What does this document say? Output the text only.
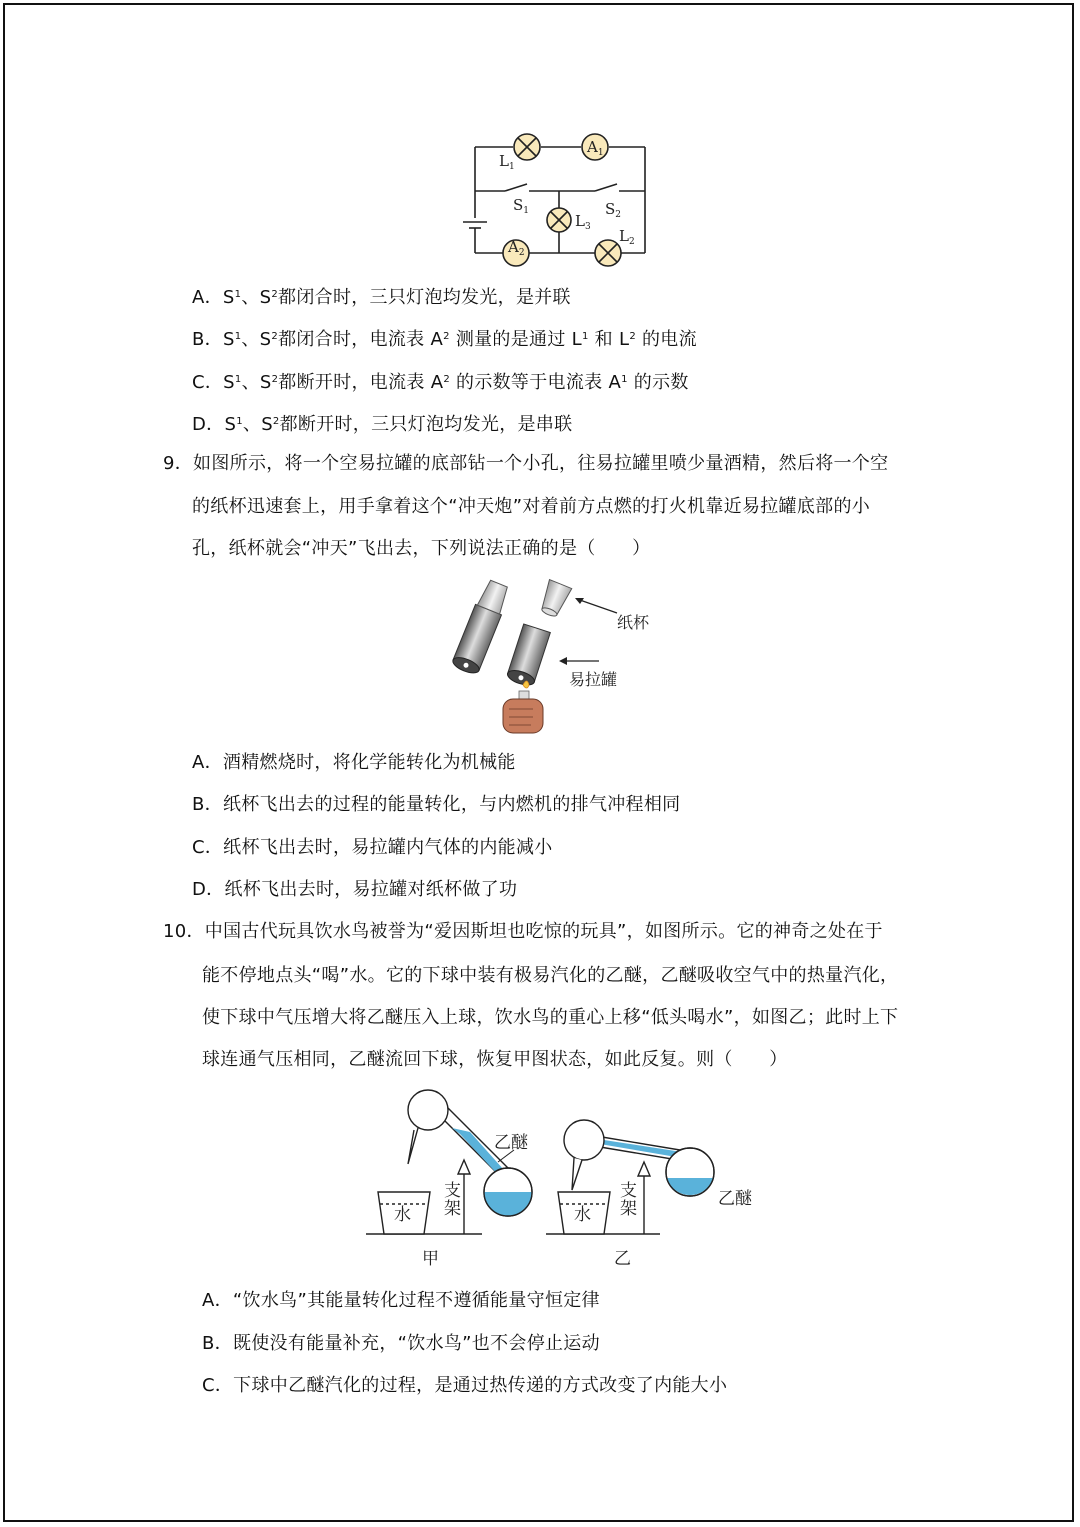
$A_1$
$A_2$
$L_1$
$S_1$	$S_2$
$L_3$ $L_2$
A．$S^1$、$S^2$都闭合时，三只灯泡均发光，是并联
B．$S^1$、$S^2$都闭合时，电流表 $A^2$ 测量的是通过 $L^1$ 和 $L^2$ 的电流
C．$S^1$、$S^2$都断开时，电流表 $A^2$ 的示数等于电流表 $A^1$ 的示数
D．$S^1$、$S^2$都断开时，三只灯泡均发光，是串联
9．如图所示，将一个空易拉罐的底部钻一个小孔，往易拉罐里喷少量酒精，然后将一个空
的纸杯迅速套上，用手拿着这个“冲天炮”对着前方点燃的打火机靠近易拉罐底部的小
孔，纸杯就会“冲天”飞出去，下列说法正确的是（　　）
纸杯
易拉罐
A．酒精燃烧时，将化学能转化为机械能
B．纸杯飞出去的过程的能量转化，与内燃机的排气冲程相同
C．纸杯飞出去时，易拉罐内气体的内能减小
D．纸杯飞出去时，易拉罐对纸杯做了功
10．中国古代玩具饮水鸟被誉为“爱因斯坦也吃惊的玩具”，如图所示。它的神奇之处在于
能不停地点头“喝”水。它的下球中装有极易汽化的乙醚，乙醚吸收空气中的热量汽化，
使下球中气压增大将乙醚压入上球，饮水鸟的重心上移“低头喝水”，如图乙；此时上下
球连通气压相同，乙醚流回下球，恢复甲图状态，如此反复。则（　　）
乙醚
支
架
水
甲
乙醚
支
架
水
乙
A．“饮水鸟”其能量转化过程不遵循能量守恒定律
B．既使没有能量补充，“饮水鸟”也不会停止运动
C．下球中乙醚汽化的过程，是通过热传递的方式改变了内能大小
